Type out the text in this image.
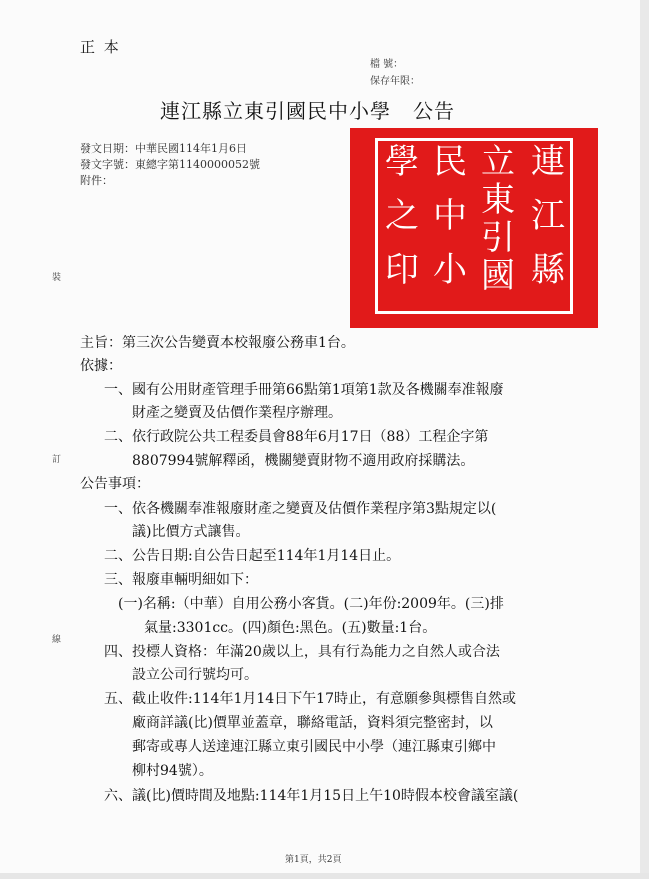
正 本
檔 號：
保存年限：
連江縣立東引國民中小學 公告
發文日期：中華民國114年1月6日
發文字號：東總字第1140000052號
附件：	連
江
縣
立
東
引
國
民
中
小
學
之
印
裝
訂
線
主旨：第三次公告變賣本校報廢公務車1台。
依據：
一、國有公用財產管理手冊第66點第1項第1款及各機關奉准報廢
財產之變賣及估價作業程序辦理。
二、依行政院公共工程委員會88年6月17日（88）工程企字第
8807994號解釋函，機關變賣財物不適用政府採購法。
公告事項：
一、依各機關奉准報廢財產之變賣及估價作業程序第3點規定以(
議)比價方式讓售。
二、公告日期:自公告日起至114年1月14日止。
三、報廢車輛明細如下：
(一)名稱:（中華）自用公務小客貨。(二)年份:2009年。(三)排
氣量:3301cc。(四)顏色:黑色。(五)數量:1台。
四、投標人資格：年滿20歲以上，具有行為能力之自然人或合法
設立公司行號均可。
五、截止收件:114年1月14日下午17時止，有意願參與標售自然或
廠商詳議(比)價單並蓋章，聯絡電話，資料須完整密封，以
郵寄或專人送達連江縣立東引國民中小學（連江縣東引鄉中
柳村94號）。
六、議(比)價時間及地點:114年1月15日上午10時假本校會議室議(
第1頁，共2頁
